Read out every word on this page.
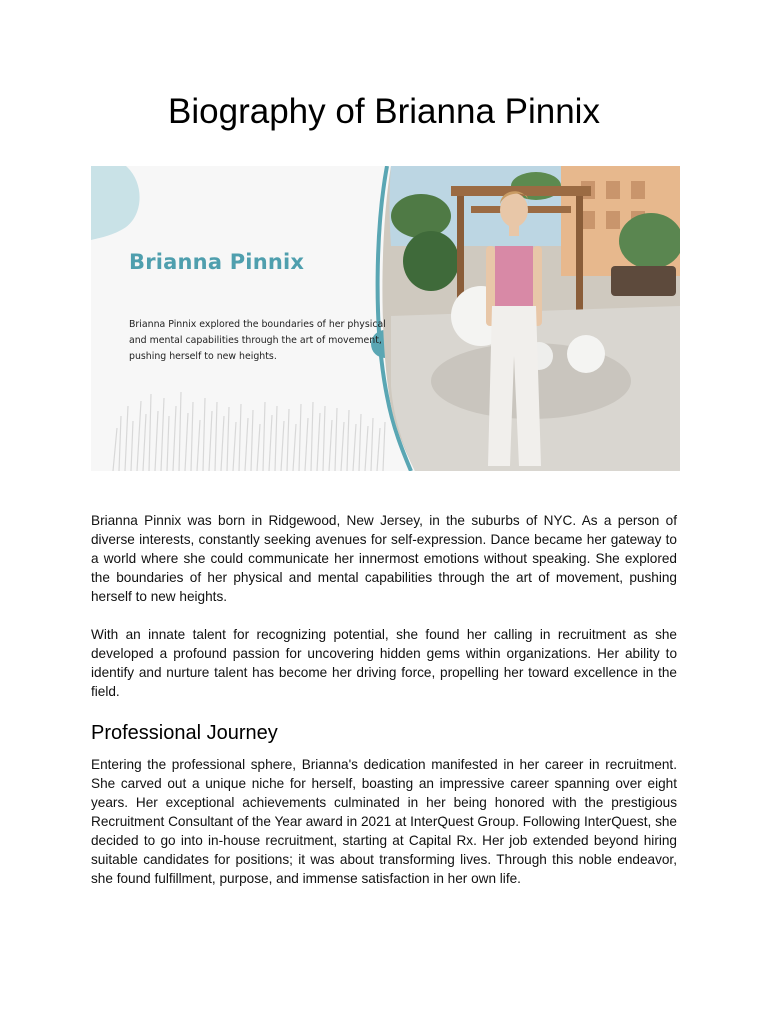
Biography of Brianna Pinnix
Brianna Pinnix
Brianna Pinnix explored the boundaries of her physical and mental capabilities through the art of movement, pushing herself to new heights.

Brianna Pinnix was born in Ridgewood, New Jersey, in the suburbs of NYC. As a person of diverse interests, constantly seeking avenues for self-expression. Dance became her gateway to a world where she could communicate her innermost emotions without speaking. She explored the boundaries of her physical and mental capabilities through the art of movement, pushing herself to new heights.

With an innate talent for recognizing potential, she found her calling in recruitment as she developed a profound passion for uncovering hidden gems within organizations. Her ability to identify and nurture talent has become her driving force, propelling her toward excellence in the field.

Professional Journey

Entering the professional sphere, Brianna's dedication manifested in her career in recruitment. She carved out a unique niche for herself, boasting an impressive career spanning over eight years. Her exceptional achievements culminated in her being honored with the prestigious Recruitment Consultant of the Year award in 2021 at InterQuest Group. Following InterQuest, she decided to go into in-house recruitment, starting at Capital Rx. Her job extended beyond hiring suitable candidates for positions; it was about transforming lives. Through this noble endeavor, she found fulfillment, purpose, and immense satisfaction in her own life.
